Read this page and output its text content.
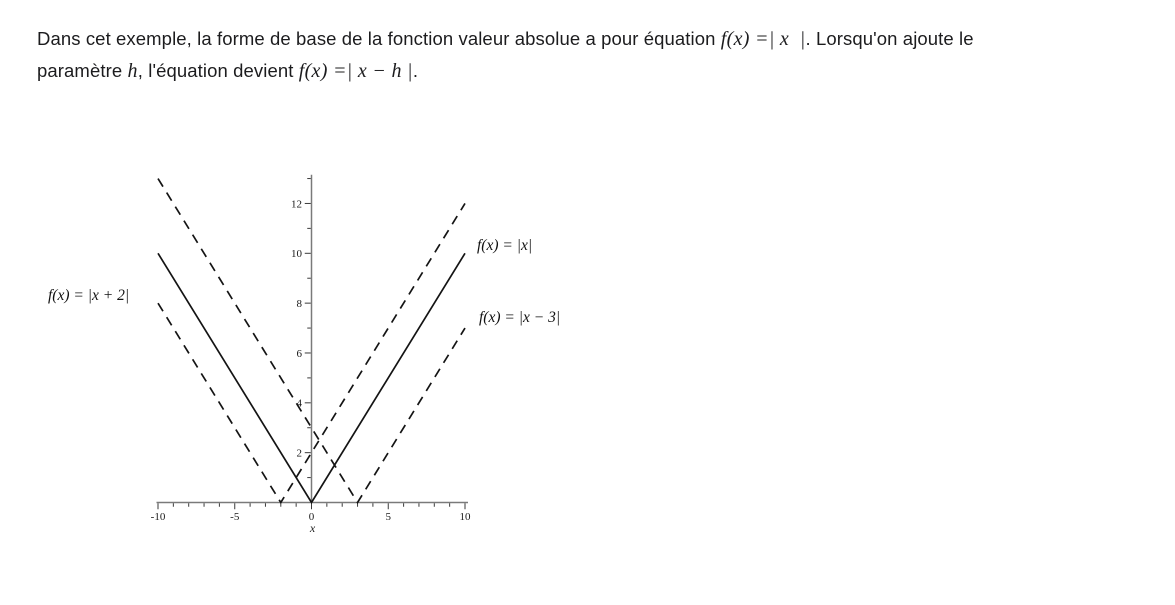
Dans cet exemple, la forme de base de la fonction valeur absolue a pour équation f(x) =| x  |. Lorsqu'on ajoute le
paramètre h, l'équation devient f(x) =| x − h |.
-10	-5	0	5	10
2
4
6
8
10
12
x
f(x) = |x + 2|
f(x) = |x|
f(x) = |x − 3|
